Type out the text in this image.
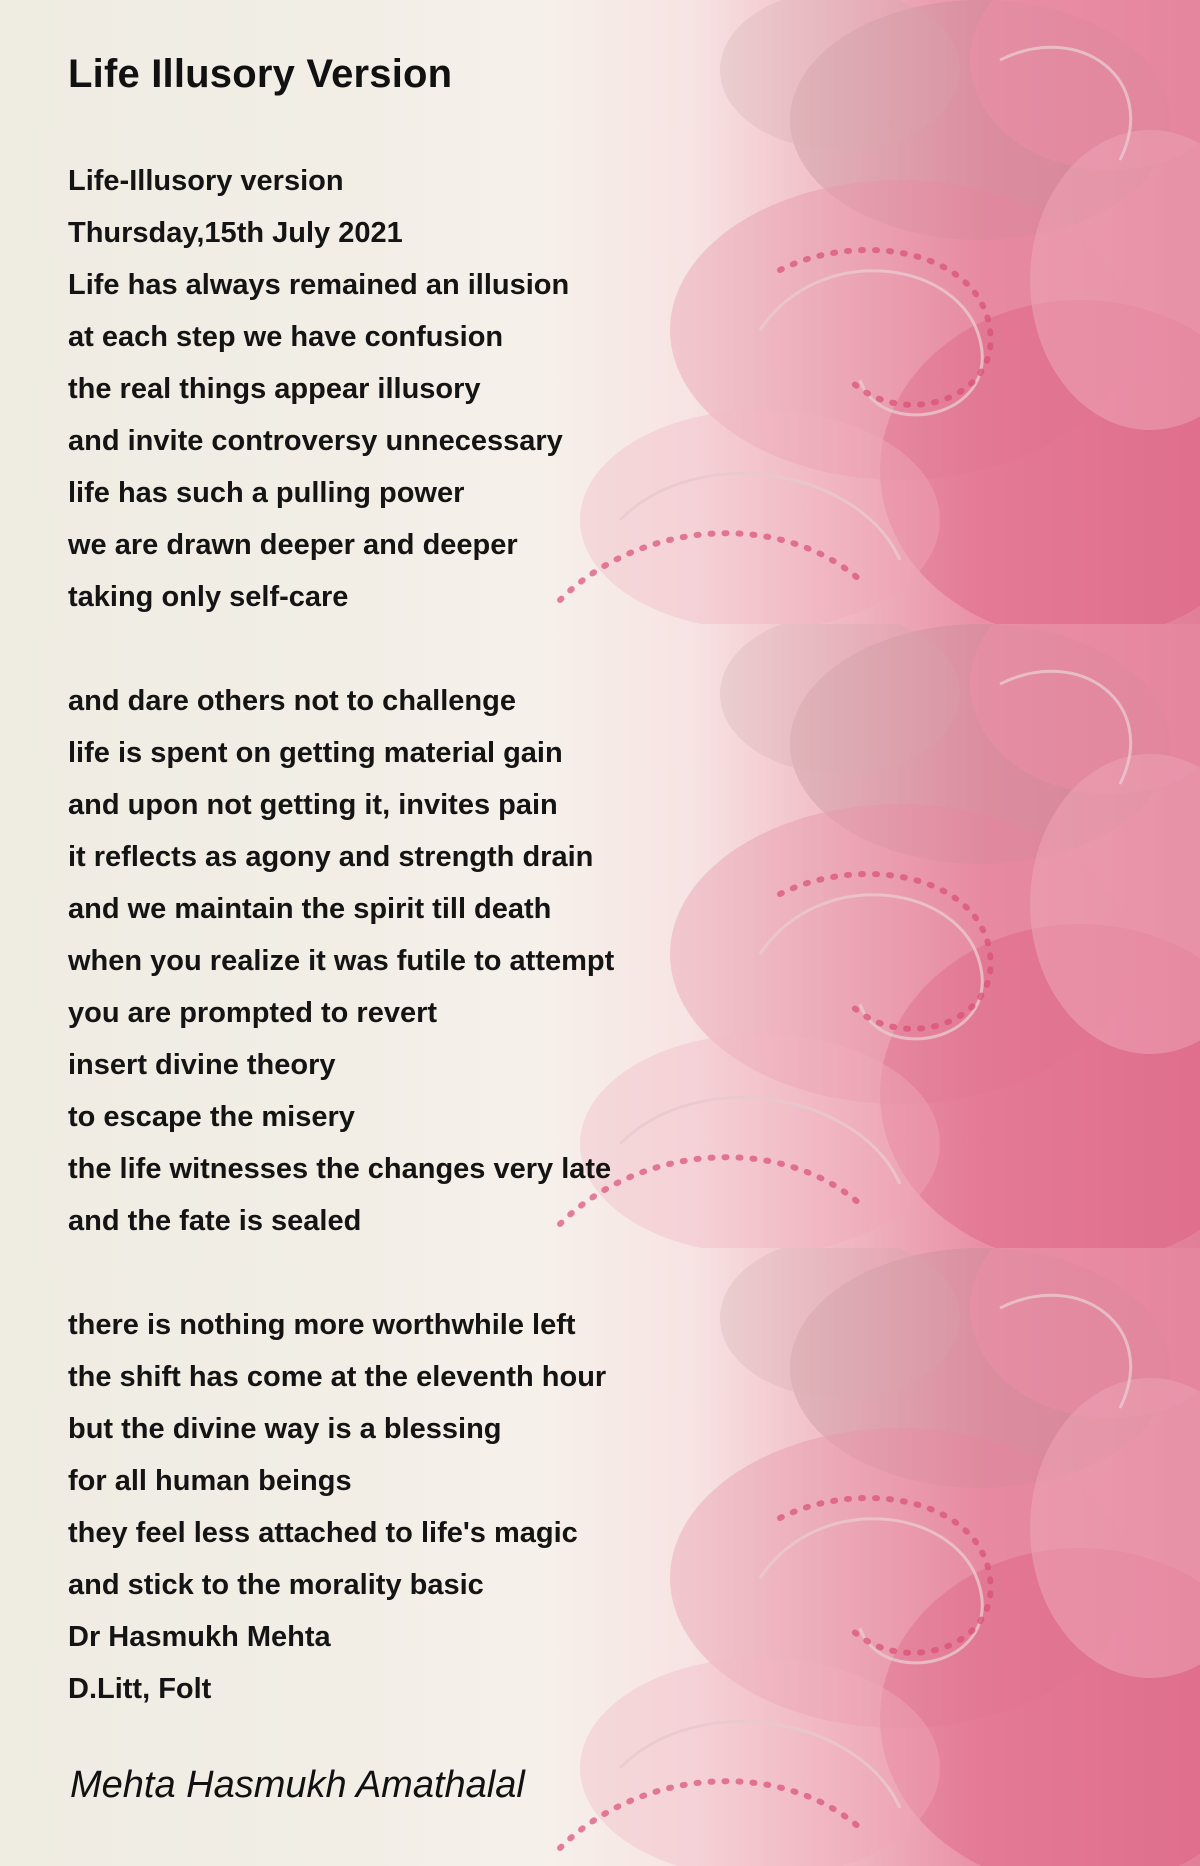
Life Illusory Version
Life-Illusory version
Thursday,15th July 2021
Life has always remained an illusion
at each step we have confusion
the real things appear illusory
and invite controversy unnecessary
life has such a pulling power
we are drawn deeper and deeper
taking only self-care
and dare others not to challenge
life is spent on getting material gain
and upon not getting it, invites pain
it reflects as agony and strength drain
and we maintain the spirit till death
when you realize it was futile to attempt
you are prompted to revert
insert divine theory
to escape the misery
the life witnesses the changes very late
and the fate is sealed
there is nothing more worthwhile left
the shift has come at the eleventh hour
but the divine way is a blessing
for all human beings
they feel less attached to life's magic
and stick to the morality basic
Dr Hasmukh Mehta
D.Litt, Folt
Mehta Hasmukh Amathalal
